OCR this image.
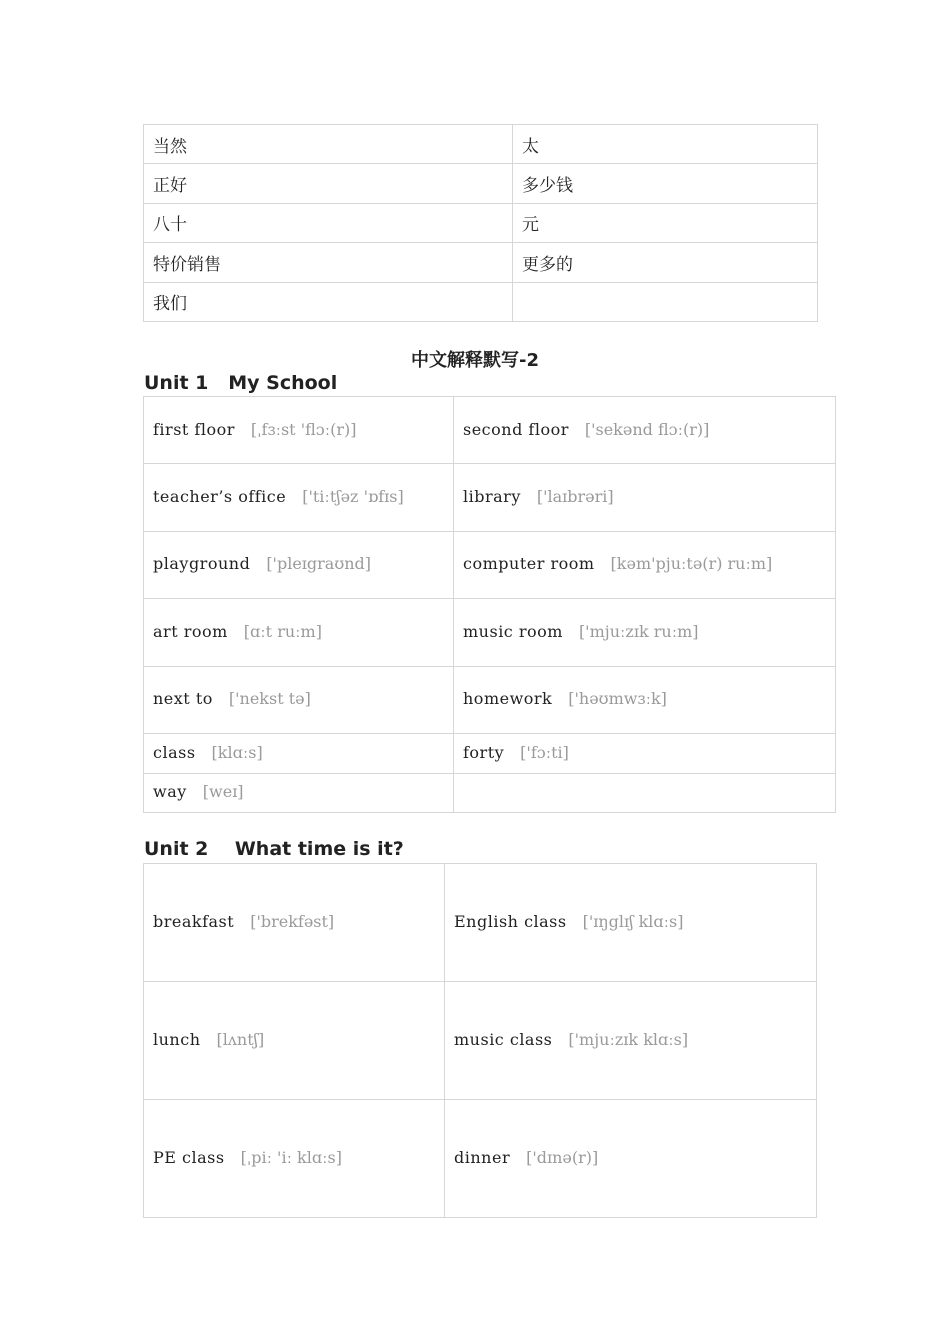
当然	太
正好	多少钱
八十	元
特价销售	更多的
我们	
中文解释默写-2
Unit 1   My School
first floor [ˌfɜːst 'flɔː(r)]	second floor ['sekənd flɔː(r)]
teacher’s office ['tiːtʃəz 'ɒfɪs]	library ['laɪbrəri]
playground ['pleɪgraʊnd]	computer room [kəm'pjuːtə(r) ruːm]
art room [ɑːt ruːm]	music room ['mjuːzɪk ruːm]
next to ['nekst tə]	homework ['həʊmwɜːk]
class [klɑːs]	forty ['fɔːti]
way [weɪ]	
Unit 2    What time is it?
breakfast ['brekfəst]	English class ['ɪŋglɪʃ klɑːs]
lunch [lʌntʃ]	music class ['mjuːzɪk klɑːs]
PE class [ˌpiː 'iː klɑːs]	dinner ['dɪnə(r)]
